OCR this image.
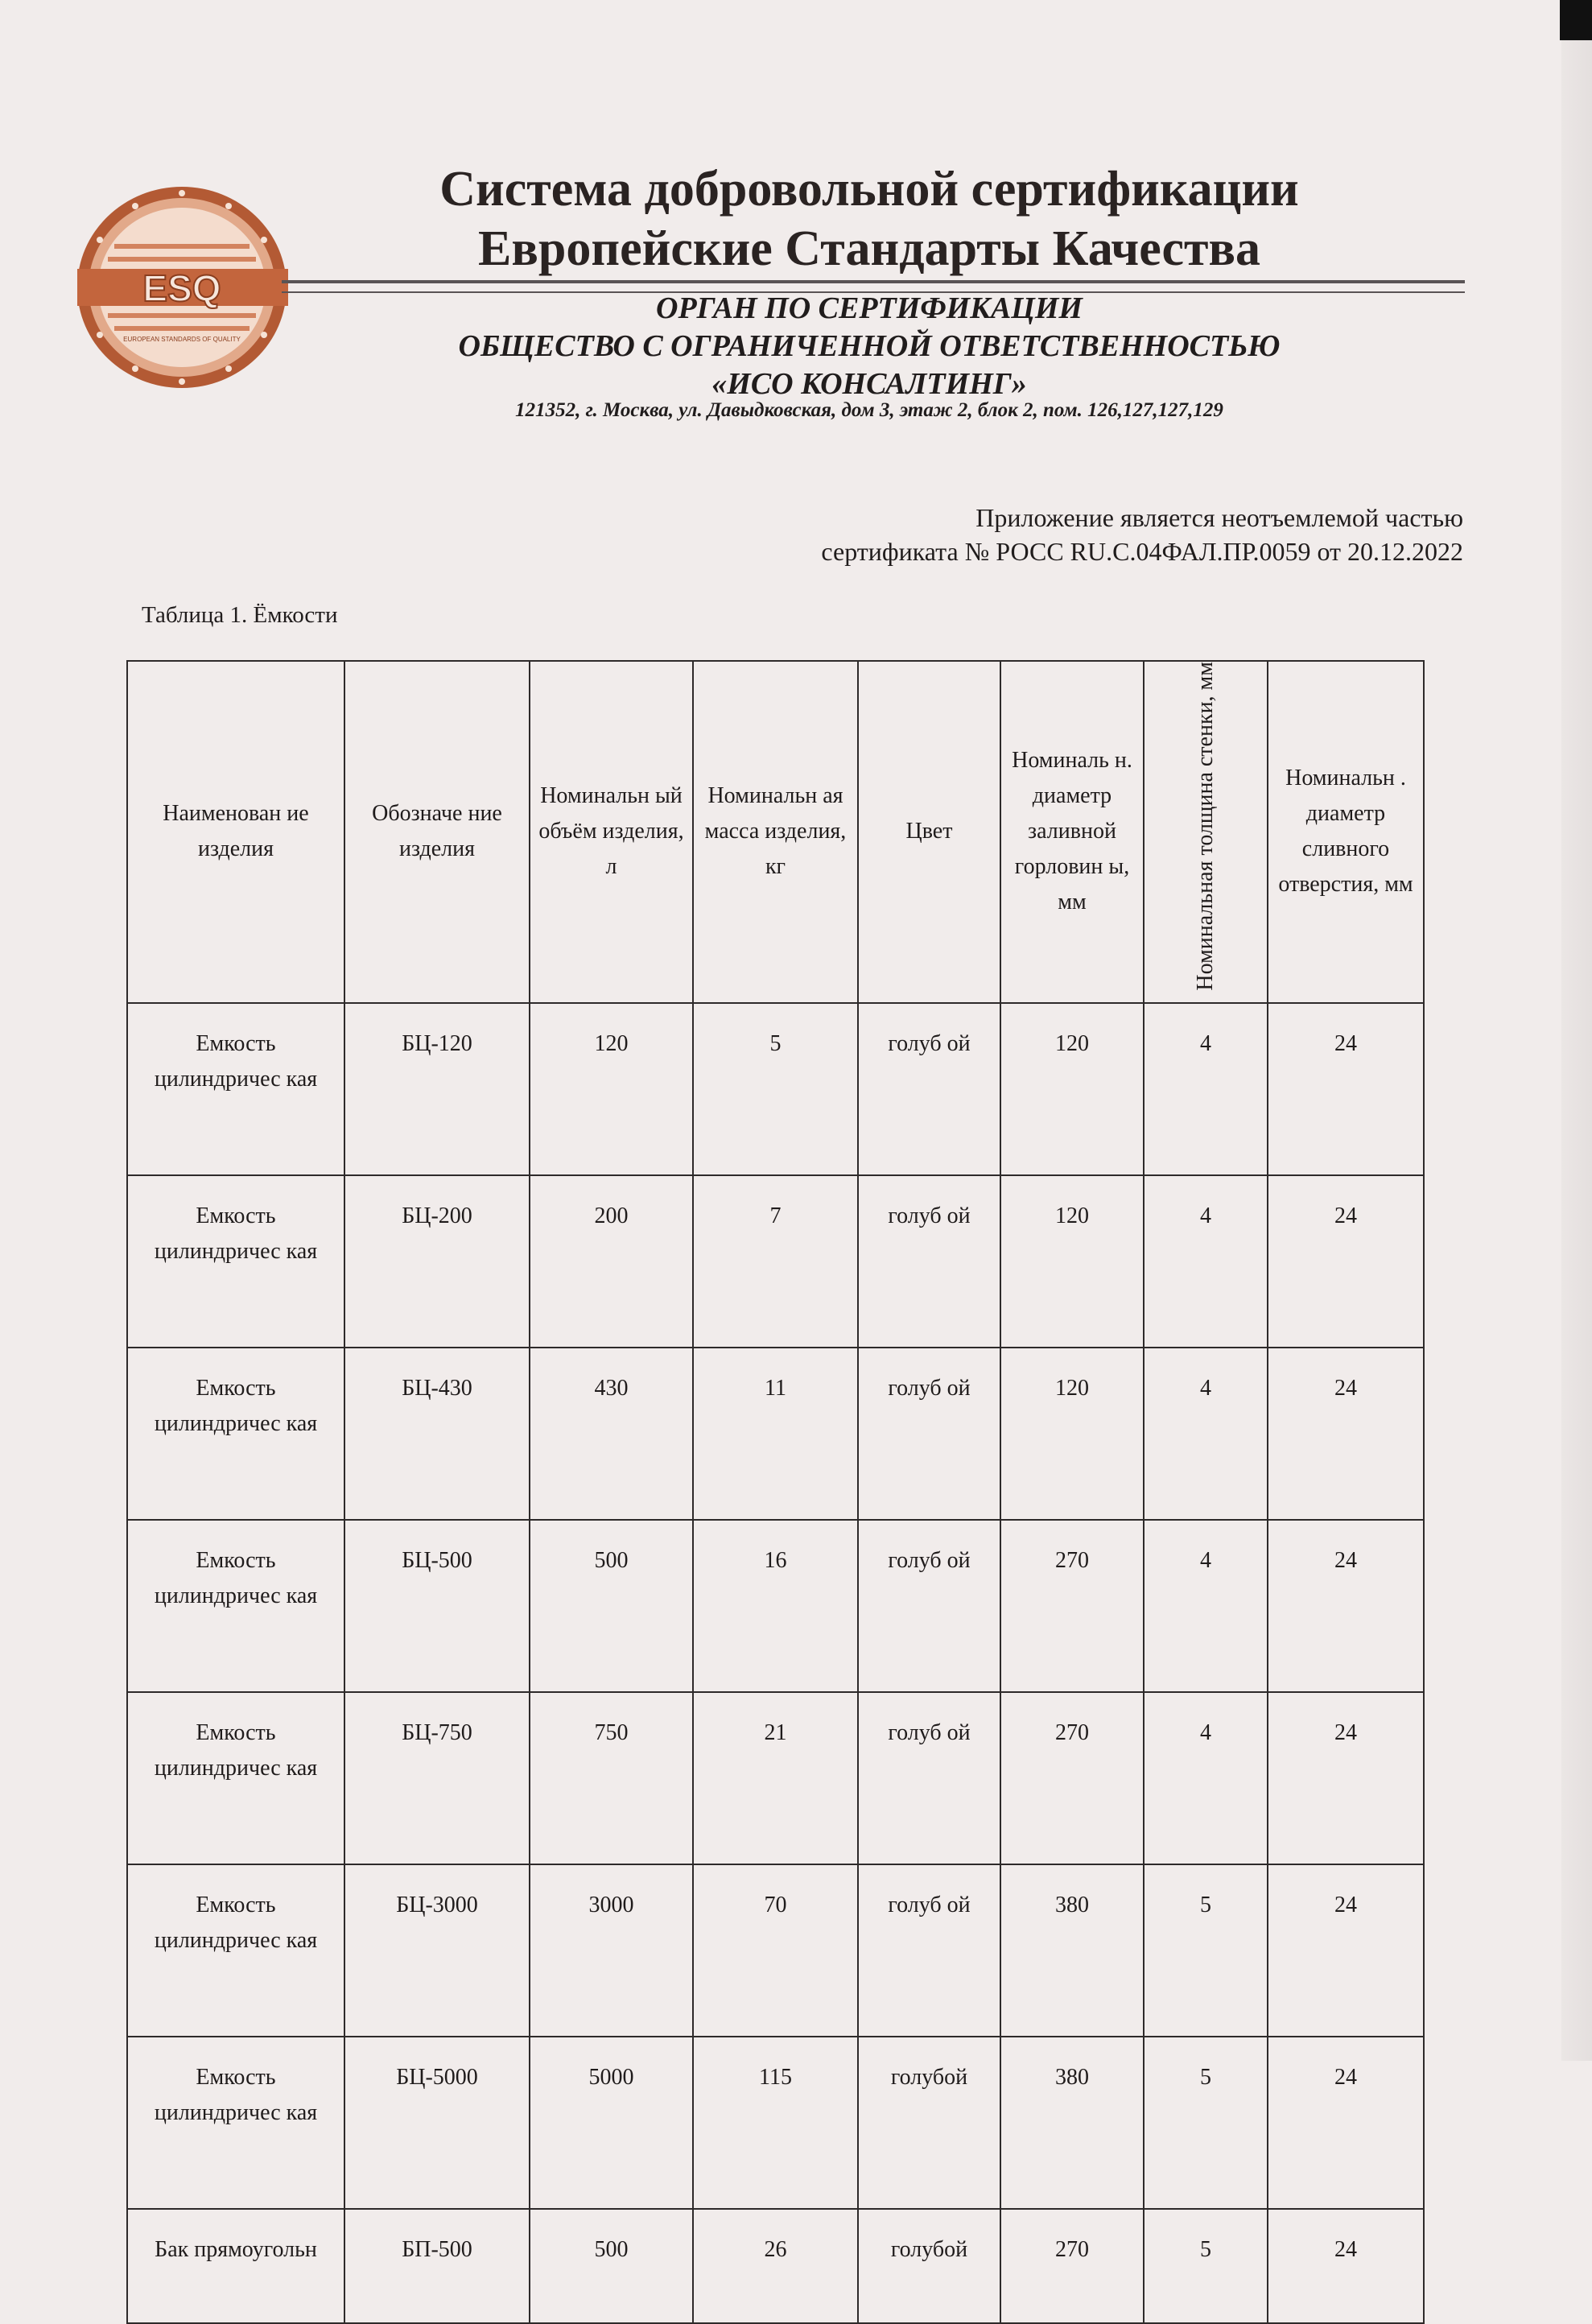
ESQ
EUROPEAN STANDARDS OF QUALITY
Система добровольной сертификации
Европейские Стандарты Качества
ОРГАН ПО СЕРТИФИКАЦИИ
ОБЩЕСТВО С ОГРАНИЧЕННОЙ ОТВЕТСТВЕННОСТЬЮ
«ИСО КОНСАЛТИНГ»
121352, г. Москва, ул. Давыдковская, дом 3, этаж 2, блок 2, пом. 126,127,127,129
Приложение является неотъемлемой частью
сертификата № РОСС RU.C.04ФАЛ.ПР.0059 от 20.12.2022
Таблица 1. Ёмкости
Наименован ие изделия	Обозначе ние изделия	Номинальн ый объём изделия, л	Номинальн ая масса изделия, кг	Цвет	Номиналь н. диаметр заливной горловин ы, мм	Номинальная толщина стенки, мм	Номинальн . диаметр сливного отверстия, мм
Емкость цилиндричес кая	БЦ-120	120	5	голуб ой	120	4	24
Емкость цилиндричес кая	БЦ-200	200	7	голуб ой	120	4	24
Емкость цилиндричес кая	БЦ-430	430	11	голуб ой	120	4	24
Емкость цилиндричес кая	БЦ-500	500	16	голуб ой	270	4	24
Емкость цилиндричес кая	БЦ-750	750	21	голуб ой	270	4	24
Емкость цилиндричес кая	БЦ-3000	3000	70	голуб ой	380	5	24
Емкость цилиндричес кая	БЦ-5000	5000	115	голубой	380	5	24
Бак прямоугольн	БП-500	500	26	голубой	270	5	24
